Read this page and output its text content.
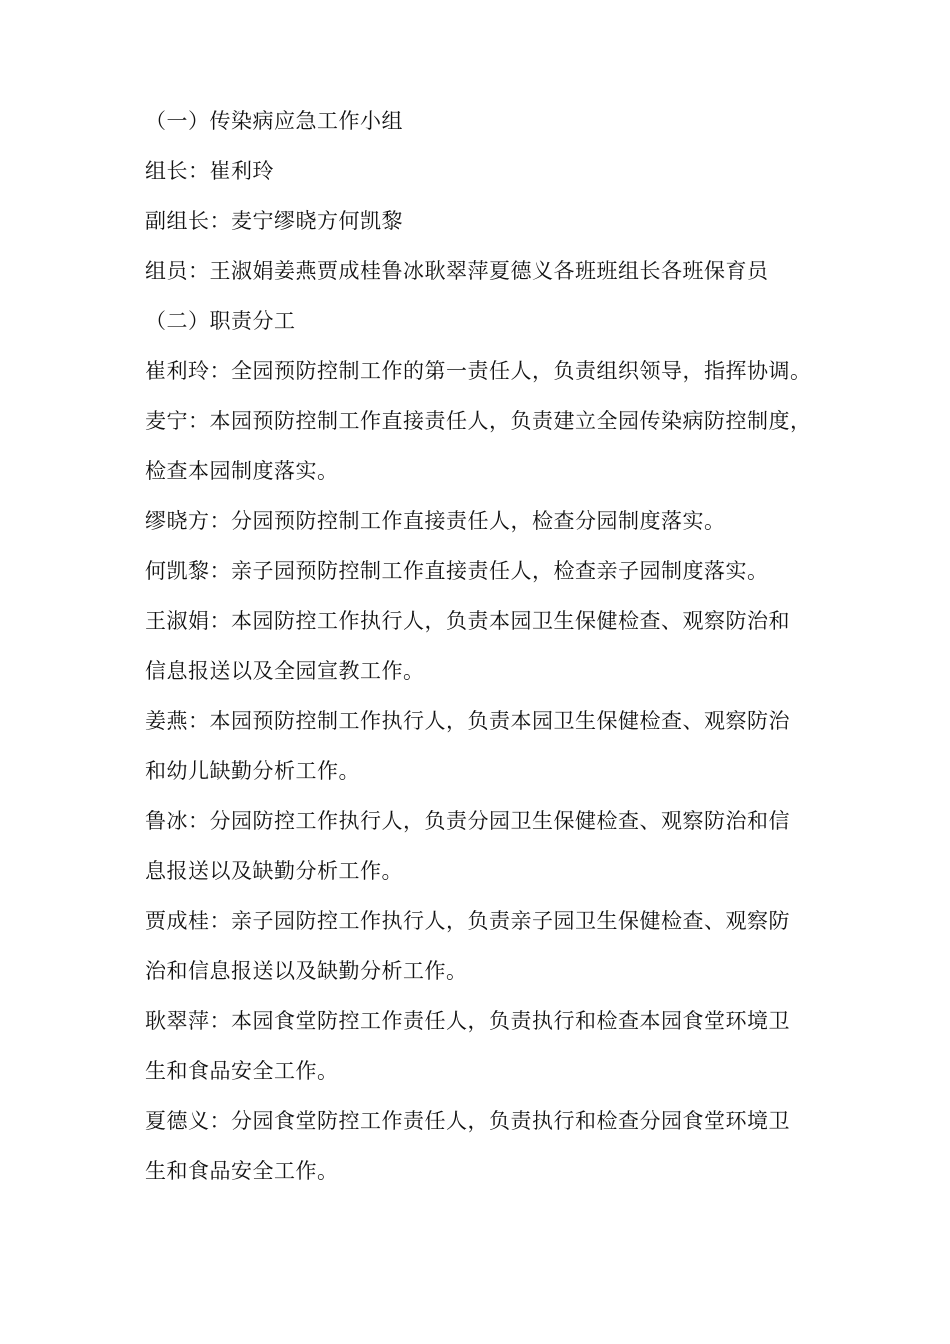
（一）传染病应急工作小组
组长：崔利玲
副组长：麦宁缪晓方何凯黎
组员：王淑娟姜燕贾成桂鲁冰耿翠萍夏德义各班班组长各班保育员
（二）职责分工
崔利玲：全园预防控制工作的第一责任人，负责组织领导，指挥协调。
麦宁：本园预防控制工作直接责任人，负责建立全园传染病防控制度，
检查本园制度落实。
缪晓方：分园预防控制工作直接责任人，检查分园制度落实。
何凯黎：亲子园预防控制工作直接责任人，检查亲子园制度落实。
王淑娟：本园防控工作执行人，负责本园卫生保健检查、观察防治和
信息报送以及全园宣教工作。
姜燕：本园预防控制工作执行人，负责本园卫生保健检查、观察防治
和幼儿缺勤分析工作。
鲁冰：分园防控工作执行人，负责分园卫生保健检查、观察防治和信
息报送以及缺勤分析工作。
贾成桂：亲子园防控工作执行人，负责亲子园卫生保健检查、观察防
治和信息报送以及缺勤分析工作。
耿翠萍：本园食堂防控工作责任人，负责执行和检查本园食堂环境卫
生和食品安全工作。
夏德义：分园食堂防控工作责任人，负责执行和检查分园食堂环境卫
生和食品安全工作。
